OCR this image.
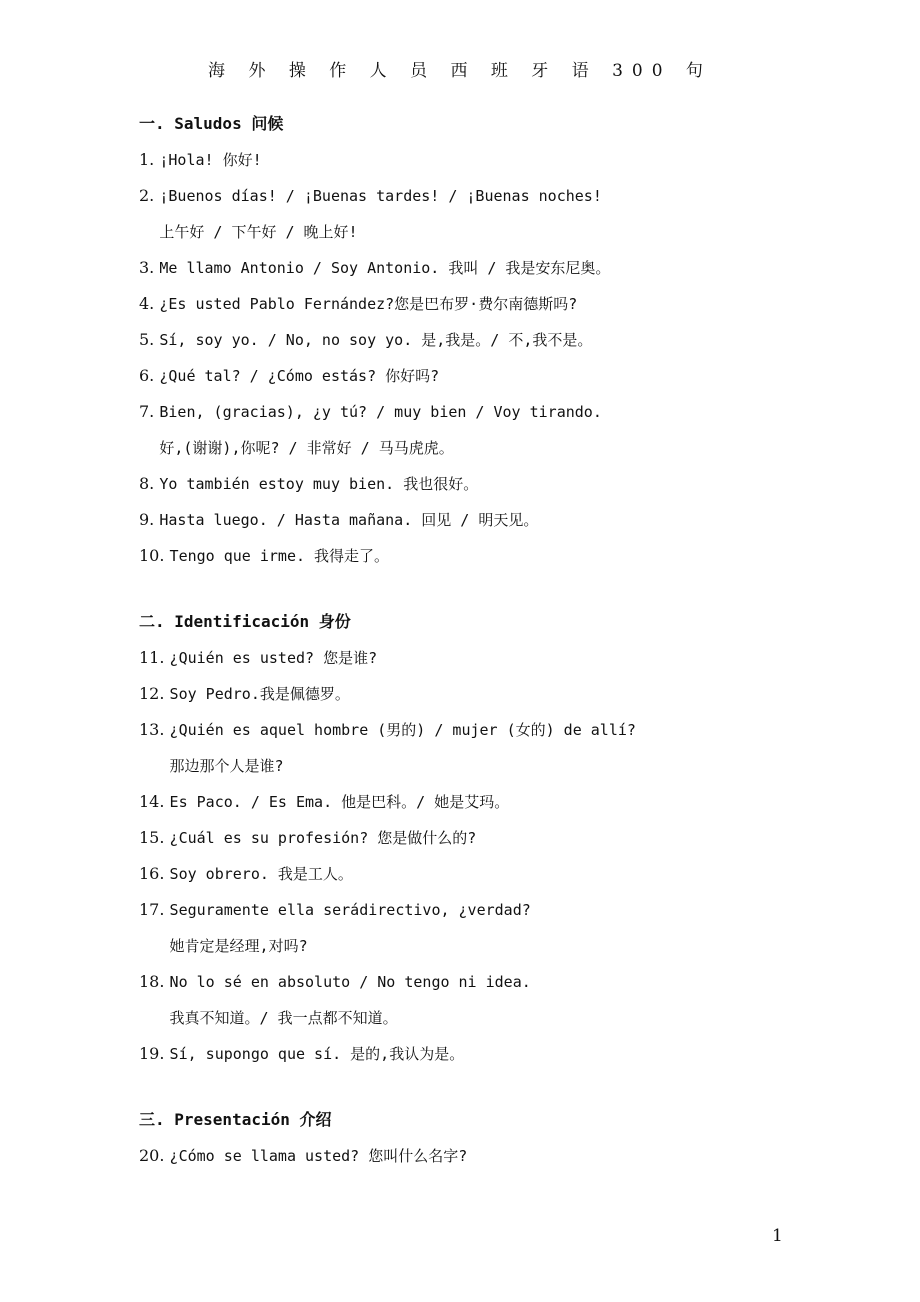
海 外 操 作 人 员 西 班 牙 语 300 句
一. Saludos 问候
1.
¡Hola! 你好!
2.
¡Buenos días! / ¡Buenas tardes! / ¡Buenas noches!
上午好 / 下午好 / 晚上好!
3.
Me llamo Antonio / Soy Antonio. 我叫 / 我是安东尼奥。
4.
¿Es usted Pablo Fernández?您是巴布罗·费尔南德斯吗?
5.
Sí, soy yo. / No, no soy yo. 是,我是。/ 不,我不是。
6.
¿Qué tal? / ¿Cómo estás? 你好吗?
7.
Bien, (gracias), ¿y tú? / muy bien / Voy tirando.
好,(谢谢),你呢? / 非常好 / 马马虎虎。
8.
Yo también estoy muy bien. 我也很好。
9.
Hasta luego. / Hasta mañana. 回见 / 明天见。
10.
Tengo que irme. 我得走了。
二. Identificación 身份
11.
¿Quién es usted? 您是谁?
12.
Soy Pedro.我是佩德罗。
13.
¿Quién es aquel hombre (男的) / mujer (女的) de allí?
那边那个人是谁?
14.
Es Paco. / Es Ema. 他是巴科。/ 她是艾玛。
15.
¿Cuál es su profesión? 您是做什么的?
16.
Soy obrero. 我是工人。
17.
Seguramente ella serádirectivo, ¿verdad?
她肯定是经理,对吗?
18.
No lo sé en absoluto / No tengo ni idea.
我真不知道。/ 我一点都不知道。
19.
Sí, supongo que sí. 是的,我认为是。
三. Presentación 介绍
20.
¿Cómo se llama usted? 您叫什么名字?
1
